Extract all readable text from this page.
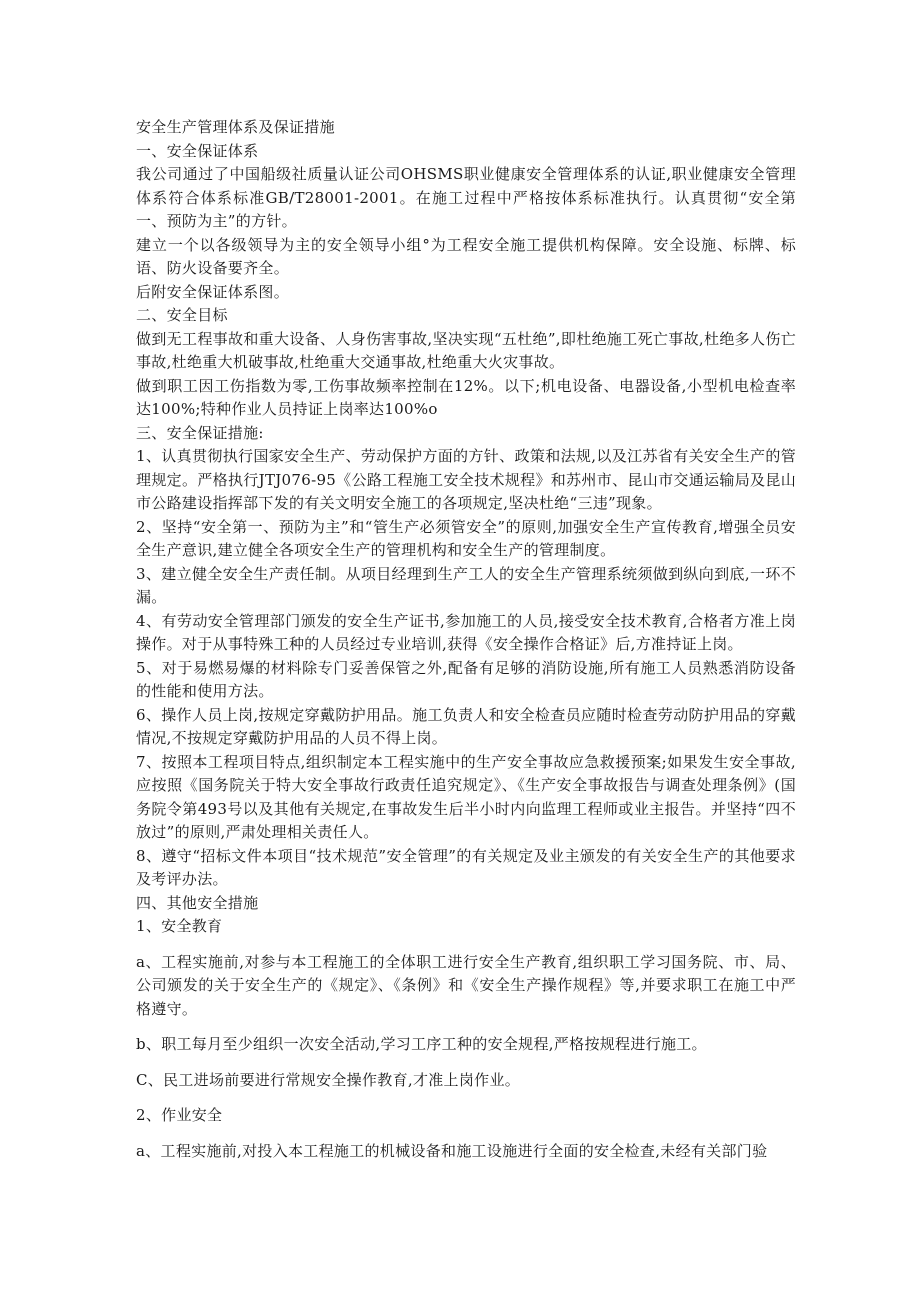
安全生产管理体系及保证措施

一、安全保证体系

我公司通过了中国船级社质量认证公司OHSMS职业健康安全管理体系的认证,职业健康安全管理体系符合体系标准GB/T28001-2001。在施工过程中严格按体系标准执行。认真贯彻“安全第一、预防为主”的方针。

建立一个以各级领导为主的安全领导小组°为工程安全施工提供机构保障。安全设施、标牌、标语、防火设备要齐全。

后附安全保证体系图。

二、安全目标

做到无工程事故和重大设备、人身伤害事故,坚决实现“五杜绝”,即杜绝施工死亡事故,杜绝多人伤亡事故,杜绝重大机破事故,杜绝重大交通事故,杜绝重大火灾事故。

做到职工因工伤指数为零,工伤事故频率控制在12%。以下;机电设备、电器设备,小型机电检查率达100%;特种作业人员持证上岗率达100%o

三、安全保证措施:

1、认真贯彻执行国家安全生产、劳动保护方面的方针、政策和法规,以及江苏省有关安全生产的管理规定。严格执行JTJ076-95《公路工程施工安全技术规程》和苏州市、昆山市交通运输局及昆山市公路建设指挥部下发的有关文明安全施工的各项规定,坚决杜绝“三违”现象。

2、坚持“安全第一、预防为主”和“管生产必须管安全”的原则,加强安全生产宣传教育,增强全员安全生产意识,建立健全各项安全生产的管理机构和安全生产的管理制度。

3、建立健全安全生产责任制。从项目经理到生产工人的安全生产管理系统须做到纵向到底,一环不漏。

4、有劳动安全管理部门颁发的安全生产证书,参加施工的人员,接受安全技术教育,合格者方准上岗操作。对于从事特殊工种的人员经过专业培训,获得《安全操作合格证》后,方准持证上岗。

5、对于易燃易爆的材料除专门妥善保管之外,配备有足够的消防设施,所有施工人员熟悉消防设备的性能和使用方法。

6、操作人员上岗,按规定穿戴防护用品。施工负责人和安全检查员应随时检查劳动防护用品的穿戴情况,不按规定穿戴防护用品的人员不得上岗。

7、按照本工程项目特点,组织制定本工程实施中的生产安全事故应急救援预案;如果发生安全事故,应按照《国务院关于特大安全事故行政责任追究规定》、《生产安全事故报告与调查处理条例》(国务院令第493号以及其他有关规定,在事故发生后半小时内向监理工程师或业主报告。并坚持“四不放过”的原则,严肃处理相关责任人。

8、遵守“招标文件本项目“技术规范”安全管理”的有关规定及业主颁发的有关安全生产的其他要求及考评办法。

四、其他安全措施

1、安全教育

a、工程实施前,对参与本工程施工的全体职工进行安全生产教育,组织职工学习国务院、市、局、公司颁发的关于安全生产的《规定》、《条例》和《安全生产操作规程》等,并要求职工在施工中严格遵守。

b、职工每月至少组织一次安全活动,学习工序工种的安全规程,严格按规程进行施工。

C、民工进场前要进行常规安全操作教育,才准上岗作业。

2、作业安全

a、工程实施前,对投入本工程施工的机械设备和施工设施进行全面的安全检查,未经有关部门验
